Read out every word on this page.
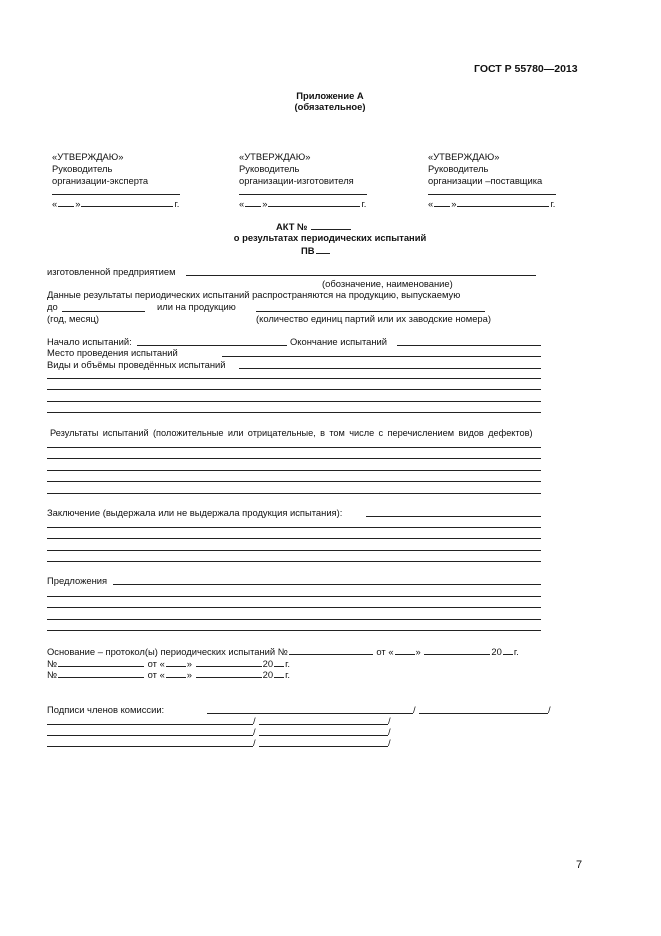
ГОСТ Р 55780—2013
Приложение А
(обязательное)
«УТВЕРЖДАЮ»
Руководитель
организации-эксперта
« »	г.
«УТВЕРЖДАЮ»
Руководитель
организации-изготовителя
« »	г.
«УТВЕРЖДАЮ»
Руководитель
организации –поставщика
« »	г.
АКТ №
о результатах периодических испытаний
ПВ
изготовленной предприятием
(обозначение, наименование)
Данные результаты периодических испытаний распространяются на продукцию, выпускаемую
до	или на продукцию
(год, месяц)	(количество единиц партий или их заводские номера)
Начало испытаний:	Окончание испытаний
Место проведения испытаний
Виды и объёмы проведённых испытаний
Результаты испытаний (положительные или отрицательные, в том числе с перечислением видов дефектов)
Заключение (выдержала или не выдержала продукция испытания):
Предложения
Основание – протокол(ы) периодических испытаний №	от « »	20 г.
№	от « »	20 г.
№	от « »	20 г.
Подписи членов комиссии:	/	/
/	/
/	/
/	/
7
